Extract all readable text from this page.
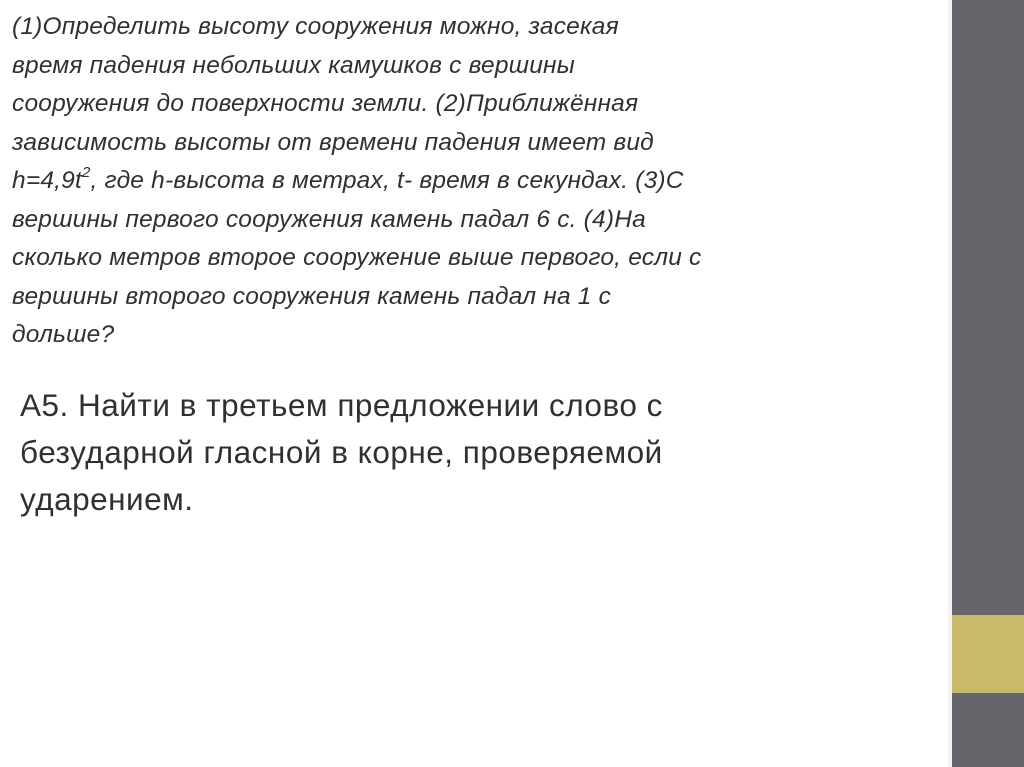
(1)Определить высоту сооружения можно, засекая

время падения небольших камушков с вершины

сооружения до поверхности земли. (2)Приближённая

зависимость высоты от времени падения имеет вид

$h=4,9t^2$, где h-высота в метрах, t- время в секундах. (3)С

вершины первого сооружения камень падал 6 с. (4)На

сколько метров второе сооружение выше первого, если с

вершины второго сооружения камень падал на 1 с

дольше?

А5. Найти в третьем предложении слово с

безударной гласной в корне, проверяемой

ударением.
